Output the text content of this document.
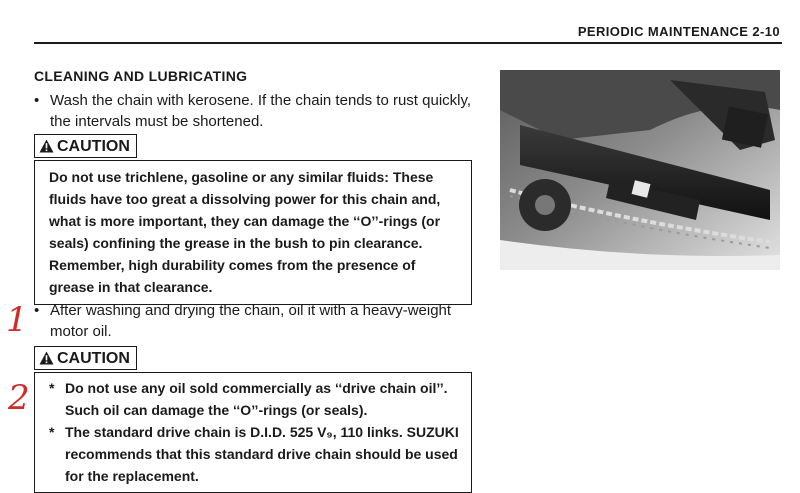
PERIODIC MAINTENANCE 2-10
CLEANING AND LUBRICATING
• Wash the chain with kerosene. If the chain tends to rust quickly, the intervals must be shortened.
CAUTION

Do not use trichlene, gasoline or any similar fluids: These fluids have too great a dissolving power for this chain and, what is more important, they can damage the ‘‘O’’-rings (or seals) confining the grease in the bush to pin clearance. Remember, high durability comes from the presence of grease in that clearance.

1 • After washing and drying the chain, oil it with a heavy-weight motor oil.
CAUTION
2 * Do not use any oil sold commercially as ‘‘drive chain oil’’. Such oil can damage the ‘‘O’’-rings (or seals).
* The standard drive chain is D.I.D. 525 V₉, 110 links. SUZUKI recommends that this standard drive chain should be used for the replacement.
